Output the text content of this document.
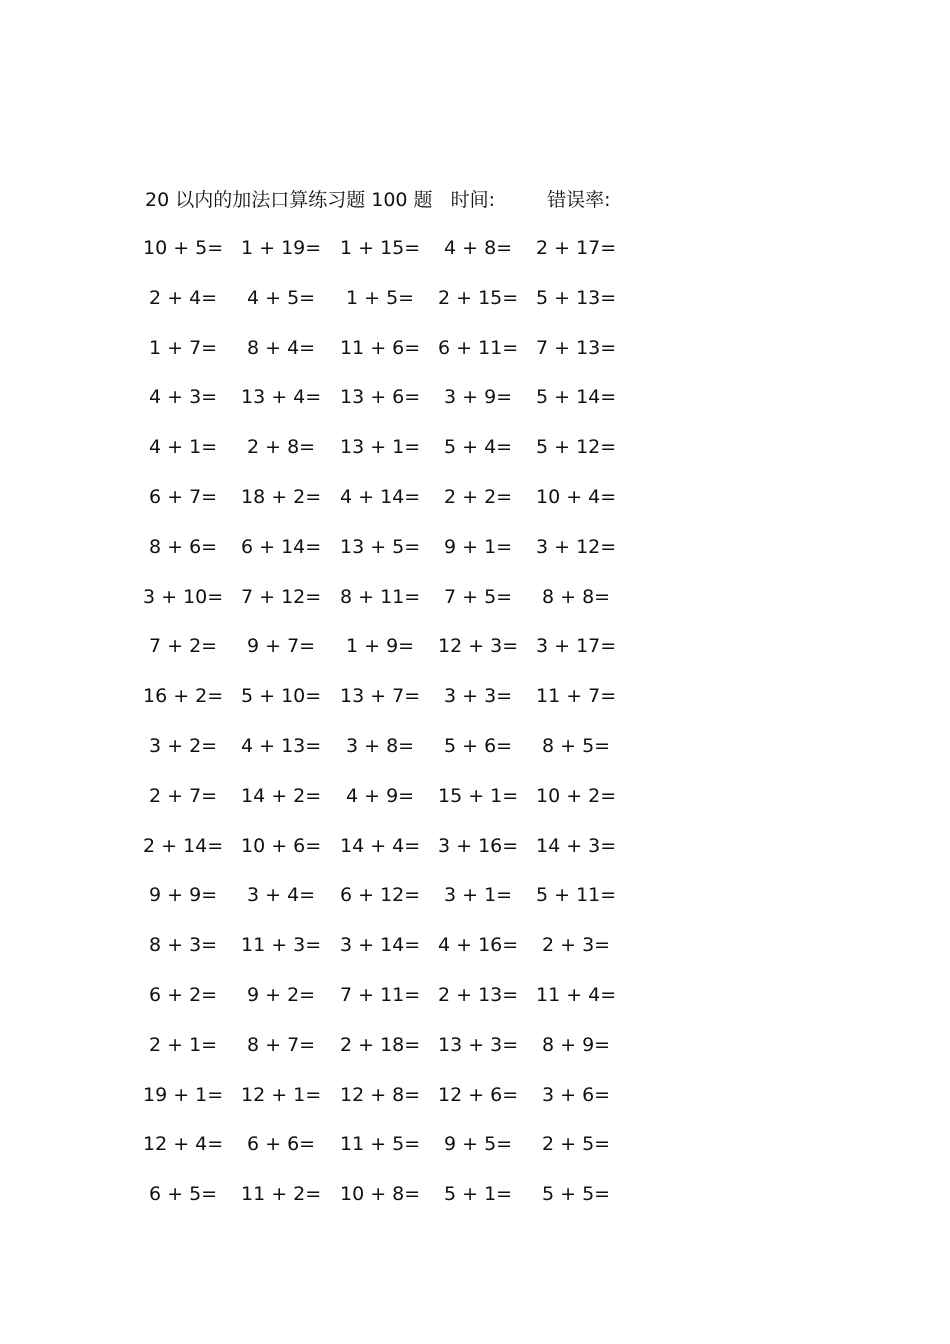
20 以内的加法口算练习题 100 题 时间:	错误率:
10 + 5= 1 + 19= 1 + 15= 4 + 8= 2 + 17=
2 + 4= 4 + 5= 1 + 5= 2 + 15= 5 + 13=
1 + 7= 8 + 4= 11 + 6= 6 + 11= 7 + 13=
4 + 3= 13 + 4= 13 + 6= 3 + 9= 5 + 14=
4 + 1= 2 + 8= 13 + 1= 5 + 4= 5 + 12=
6 + 7= 18 + 2= 4 + 14= 2 + 2= 10 + 4=
8 + 6= 6 + 14= 13 + 5= 9 + 1= 3 + 12=
3 + 10= 7 + 12= 8 + 11= 7 + 5= 8 + 8=
7 + 2= 9 + 7= 1 + 9= 12 + 3= 3 + 17=
16 + 2= 5 + 10= 13 + 7= 3 + 3= 11 + 7=
3 + 2= 4 + 13= 3 + 8= 5 + 6= 8 + 5=
2 + 7= 14 + 2= 4 + 9= 15 + 1= 10 + 2=
2 + 14= 10 + 6= 14 + 4= 3 + 16= 14 + 3=
9 + 9= 3 + 4= 6 + 12= 3 + 1= 5 + 11=
8 + 3= 11 + 3= 3 + 14= 4 + 16= 2 + 3=
6 + 2= 9 + 2= 7 + 11= 2 + 13= 11 + 4=
2 + 1= 8 + 7= 2 + 18= 13 + 3= 8 + 9=
19 + 1= 12 + 1= 12 + 8= 12 + 6= 3 + 6=
12 + 4= 6 + 6= 11 + 5= 9 + 5= 2 + 5=
6 + 5= 11 + 2= 10 + 8= 5 + 1= 5 + 5=
